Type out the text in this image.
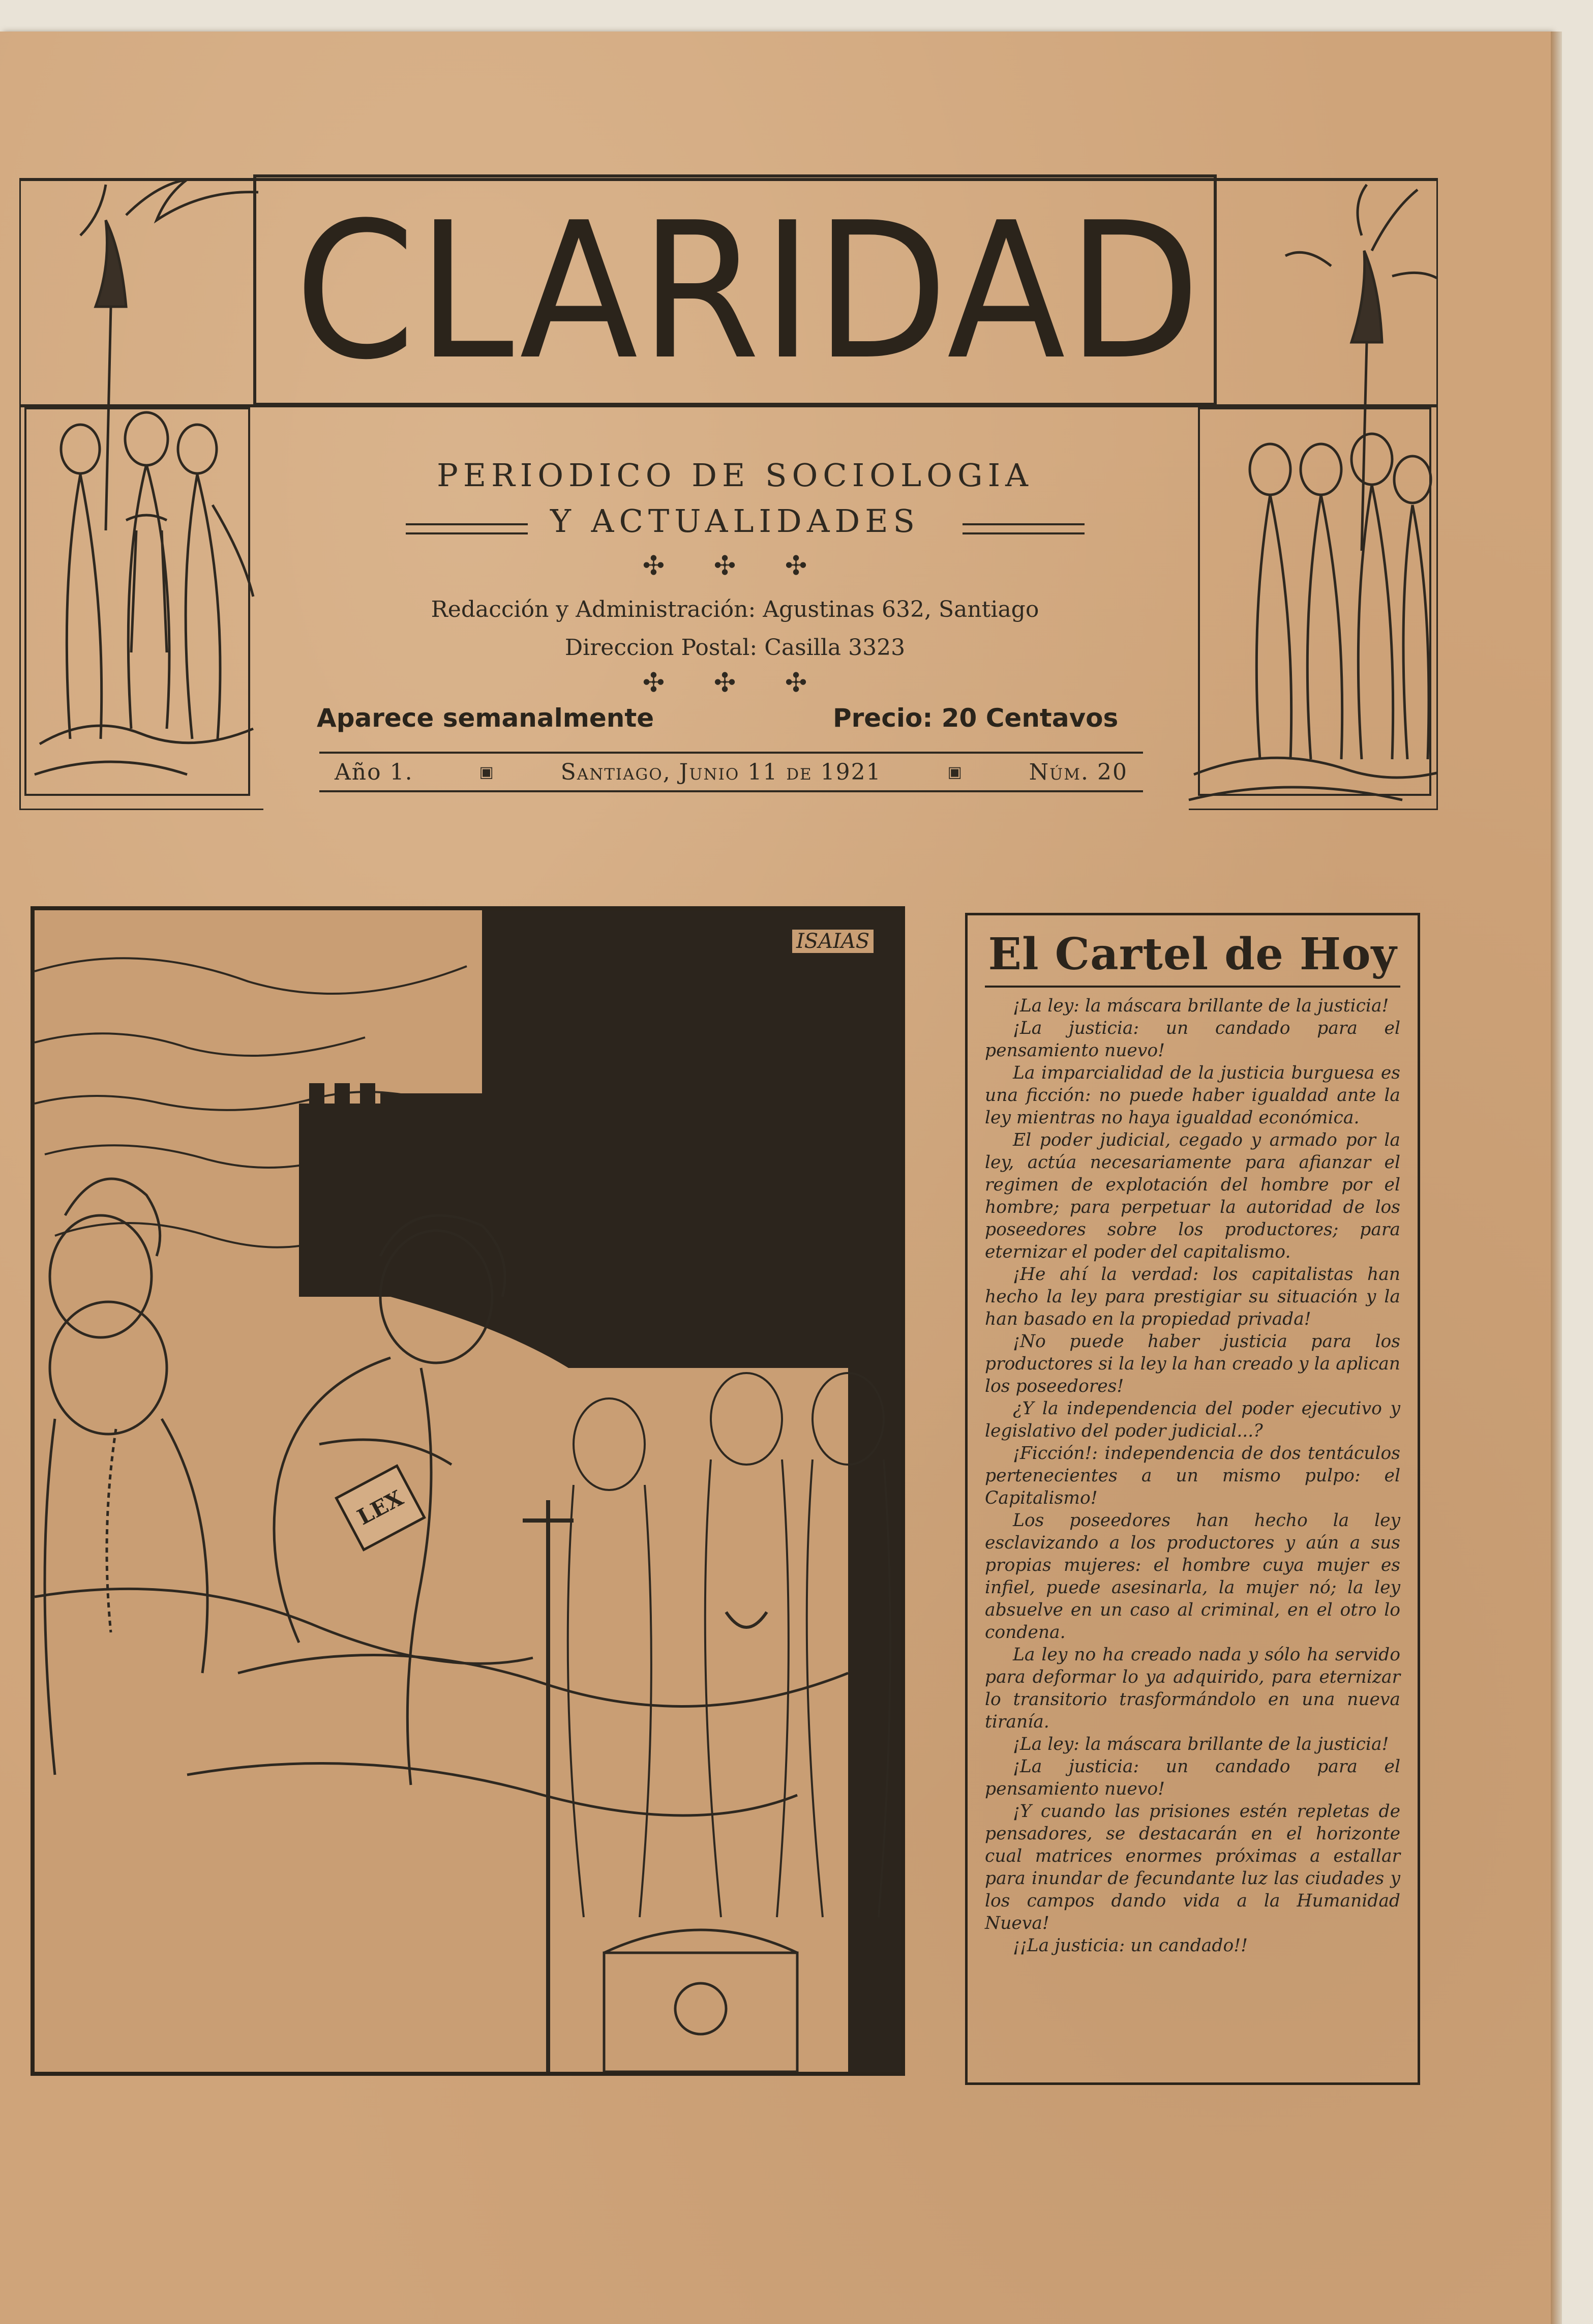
CLARIDAD
PERIODICO DE SOCIOLOGIA
Y ACTUALIDADES
✣ ✣ ✣
Redacción y Administración: Agustinas 632, Santiago
Direccion Postal: Casilla 3323
✣ ✣ ✣
Aparece semanalmente	Precio: 20 Centavos
Año 1.	▣	Santiago, Junio 11 de 1921	▣	Núm. 20
ISAIAS
LEX
El Cartel de Hoy

¡La ley: la máscara brillante de la justicia!

¡La justicia: un candado para el pensamiento nuevo!

La imparcialidad de la justicia burguesa es una ficción: no puede haber igualdad ante la ley mientras no haya igualdad económica.

El poder judicial, cegado y armado por la ley, actúa necesariamente para afianzar el regimen de explotación del hombre por el hombre; para perpetuar la autoridad de los poseedores sobre los productores; para eternizar el poder del capitalismo.

¡He ahí la verdad: los capitalistas han hecho la ley para prestigiar su situación y la han basado en la propiedad privada!

¡No puede haber justicia para los productores si la ley la han creado y la aplican los poseedores!

¿Y la independencia del poder ejecutivo y legislativo del poder judicial...?

¡Ficción!: independencia de dos tentáculos pertenecientes a un mismo pulpo: el Capitalismo!

Los poseedores han hecho la ley esclavizando a los productores y aún a sus propias mujeres: el hombre cuya mujer es infiel, puede asesinarla, la mujer nó; la ley absuelve en un caso al criminal, en el otro lo condena.

La ley no ha creado nada y sólo ha servido para deformar lo ya adquirido, para eternizar lo transitorio trasformándolo en una nueva tiranía.

¡La ley: la máscara brillante de la justicia!

¡La justicia: un candado para el pensamiento nuevo!

¡Y cuando las prisiones estén repletas de pensadores, se destacarán en el horizonte cual matrices enormes próximas a estallar para inundar de fecundante luz las ciudades y los campos dando vida a la Humanidad Nueva!

¡¡La justicia: un candado!!
